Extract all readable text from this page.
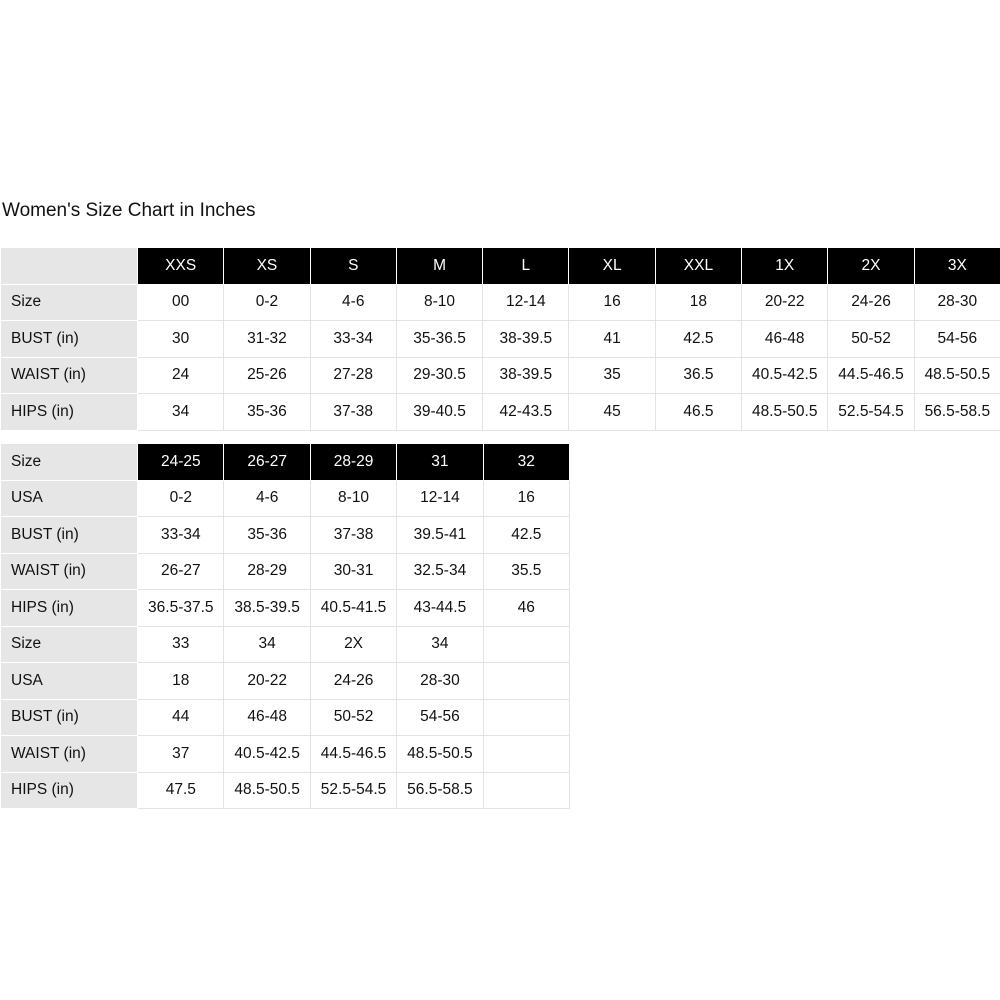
Women's Size Chart in Inches
	XXS	XS	S	M	L	XL	XXL	1X	2X	3X
Size	00	0-2	4-6	8-10	12-14	16	18	20-22	24-26	28-30
BUST (in)	30	31-32	33-34	35-36.5	38-39.5	41	42.5	46-48	50-52	54-56
WAIST (in)	24	25-26	27-28	29-30.5	38-39.5	35	36.5	40.5-42.5	44.5-46.5	48.5-50.5
HIPS (in)	34	35-36	37-38	39-40.5	42-43.5	45	46.5	48.5-50.5	52.5-54.5	56.5-58.5
Size	24-25	26-27	28-29	31	32
USA	0-2	4-6	8-10	12-14	16
BUST (in)	33-34	35-36	37-38	39.5-41	42.5
WAIST (in)	26-27	28-29	30-31	32.5-34	35.5
HIPS (in)	36.5-37.5	38.5-39.5	40.5-41.5	43-44.5	46
Size	33	34	2X	34	
USA	18	20-22	24-26	28-30	
BUST (in)	44	46-48	50-52	54-56	
WAIST (in)	37	40.5-42.5	44.5-46.5	48.5-50.5	
HIPS (in)	47.5	48.5-50.5	52.5-54.5	56.5-58.5	
